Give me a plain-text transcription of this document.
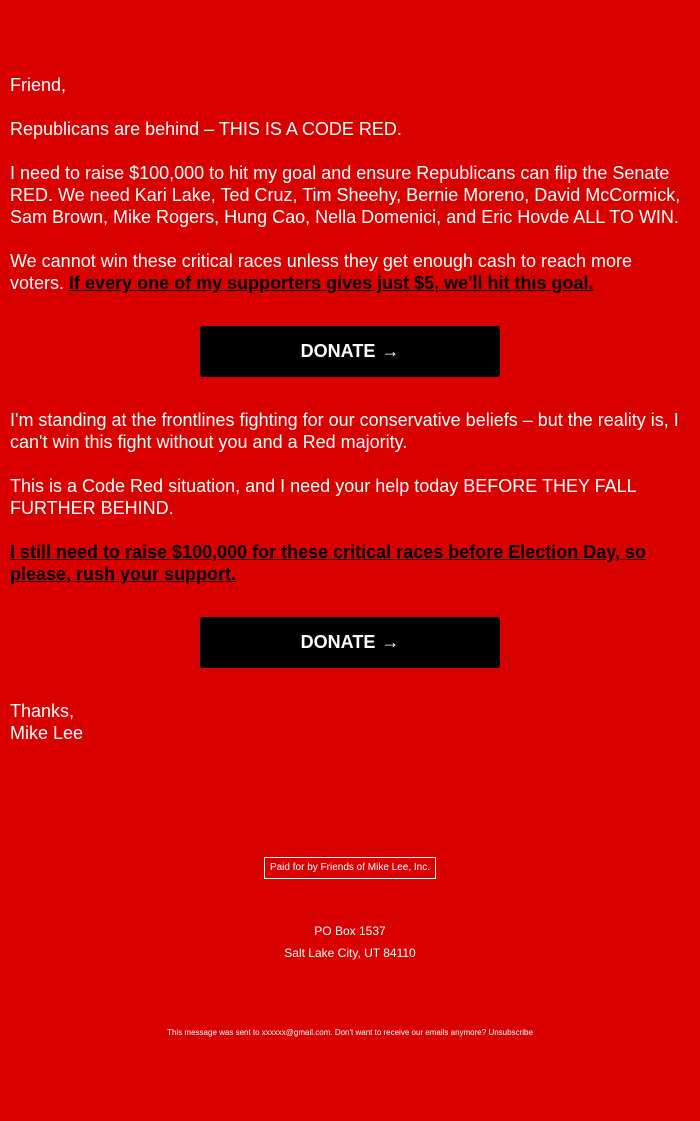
Friend,

Republicans are behind – THIS IS A CODE RED.

I need to raise $100,000 to hit my goal and ensure Republicans can flip the Senate RED. We need Kari Lake, Ted Cruz, Tim Sheehy, Bernie Moreno, David McCormick, Sam Brown, Mike Rogers, Hung Cao, Nella Domenici, and Eric Hovde ALL TO WIN.

We cannot win these critical races unless they get enough cash to reach more voters. If every one of my supporters gives just $5, we'll hit this goal.

DONATE →

I'm standing at the frontlines fighting for our conservative beliefs – but the reality is, I can't win this fight without you and a Red majority.

This is a Code Red situation, and I need your help today BEFORE THEY FALL FURTHER BEHIND.

I still need to raise $100,000 for these critical races before Election Day, so please, rush your support.

DONATE →

Thanks,
Mike Lee

Paid for by Friends of Mike Lee, Inc.
PO Box 1537
Salt Lake City, UT 84110
This message was sent to xxxxxx@gmail.com. Don't want to receive our emails anymore? Unsubscribe
